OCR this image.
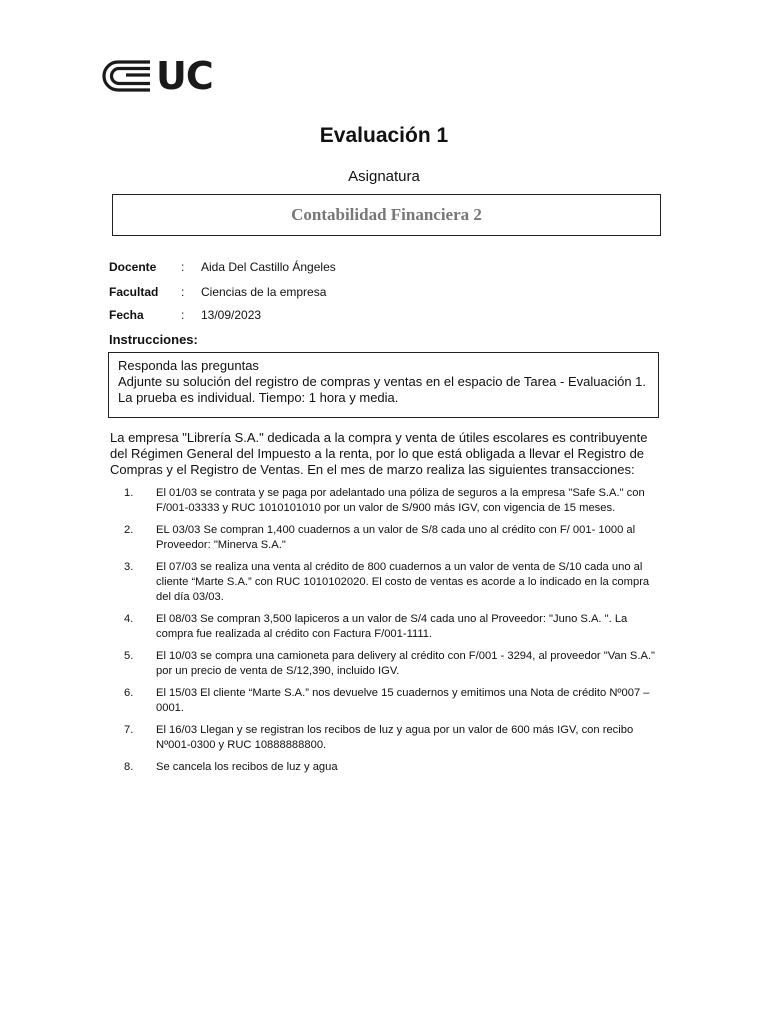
UC
Evaluación 1
Asignatura
Contabilidad Financiera 2
Docente	:	Aida Del Castillo Ángeles
Facultad	:	Ciencias de la empresa
Fecha	:	13/09/2023
Instrucciones:
Responda las preguntas
Adjunte su solución del registro de compras y ventas en el espacio de Tarea - Evaluación 1.
La prueba es individual. Tiempo: 1 hora y media.
La empresa "Librería S.A." dedicada a la compra y venta de útiles escolares es contribuyente del Régimen General del Impuesto a la renta, por lo que está obligada a llevar el Registro de Compras y el Registro de Ventas. En el mes de marzo realiza las siguientes transacciones:
1.	El 01/03 se contrata y se paga por adelantado una póliza de seguros a la empresa "Safe S.A." con F/001-03333 y RUC 1010101010 por un valor de S/900 más IGV, con vigencia de 15 meses.
2.	EL 03/03 Se compran 1,400 cuadernos a un valor de S/8 cada uno al crédito con F/ 001- 1000 al Proveedor: "Minerva S.A."
3.	El 07/03 se realiza una venta al crédito de 800 cuadernos a un valor de venta de S/10 cada uno al cliente “Marte S.A.” con RUC 1010102020. El costo de ventas es acorde a lo indicado en la compra del día 03/03.
4.	El 08/03 Se compran 3,500 lapiceros a un valor de S/4 cada uno al Proveedor: "Juno S.A. ". La compra fue realizada al crédito con Factura F/001-1111.
5.	El 10/03 se compra una camioneta para delivery al crédito con F/001 - 3294, al proveedor "Van S.A." por un precio de venta de S/12,390, incluido IGV.
6.	El 15/03 El cliente “Marte S.A.” nos devuelve 15 cuadernos y emitimos una Nota de crédito Nº007 – 0001.
7.	El 16/03 Llegan y se registran los recibos de luz y agua por un valor de 600 más IGV, con recibo Nº001-0300 y RUC 10888888800.
8.	Se cancela los recibos de luz y agua
